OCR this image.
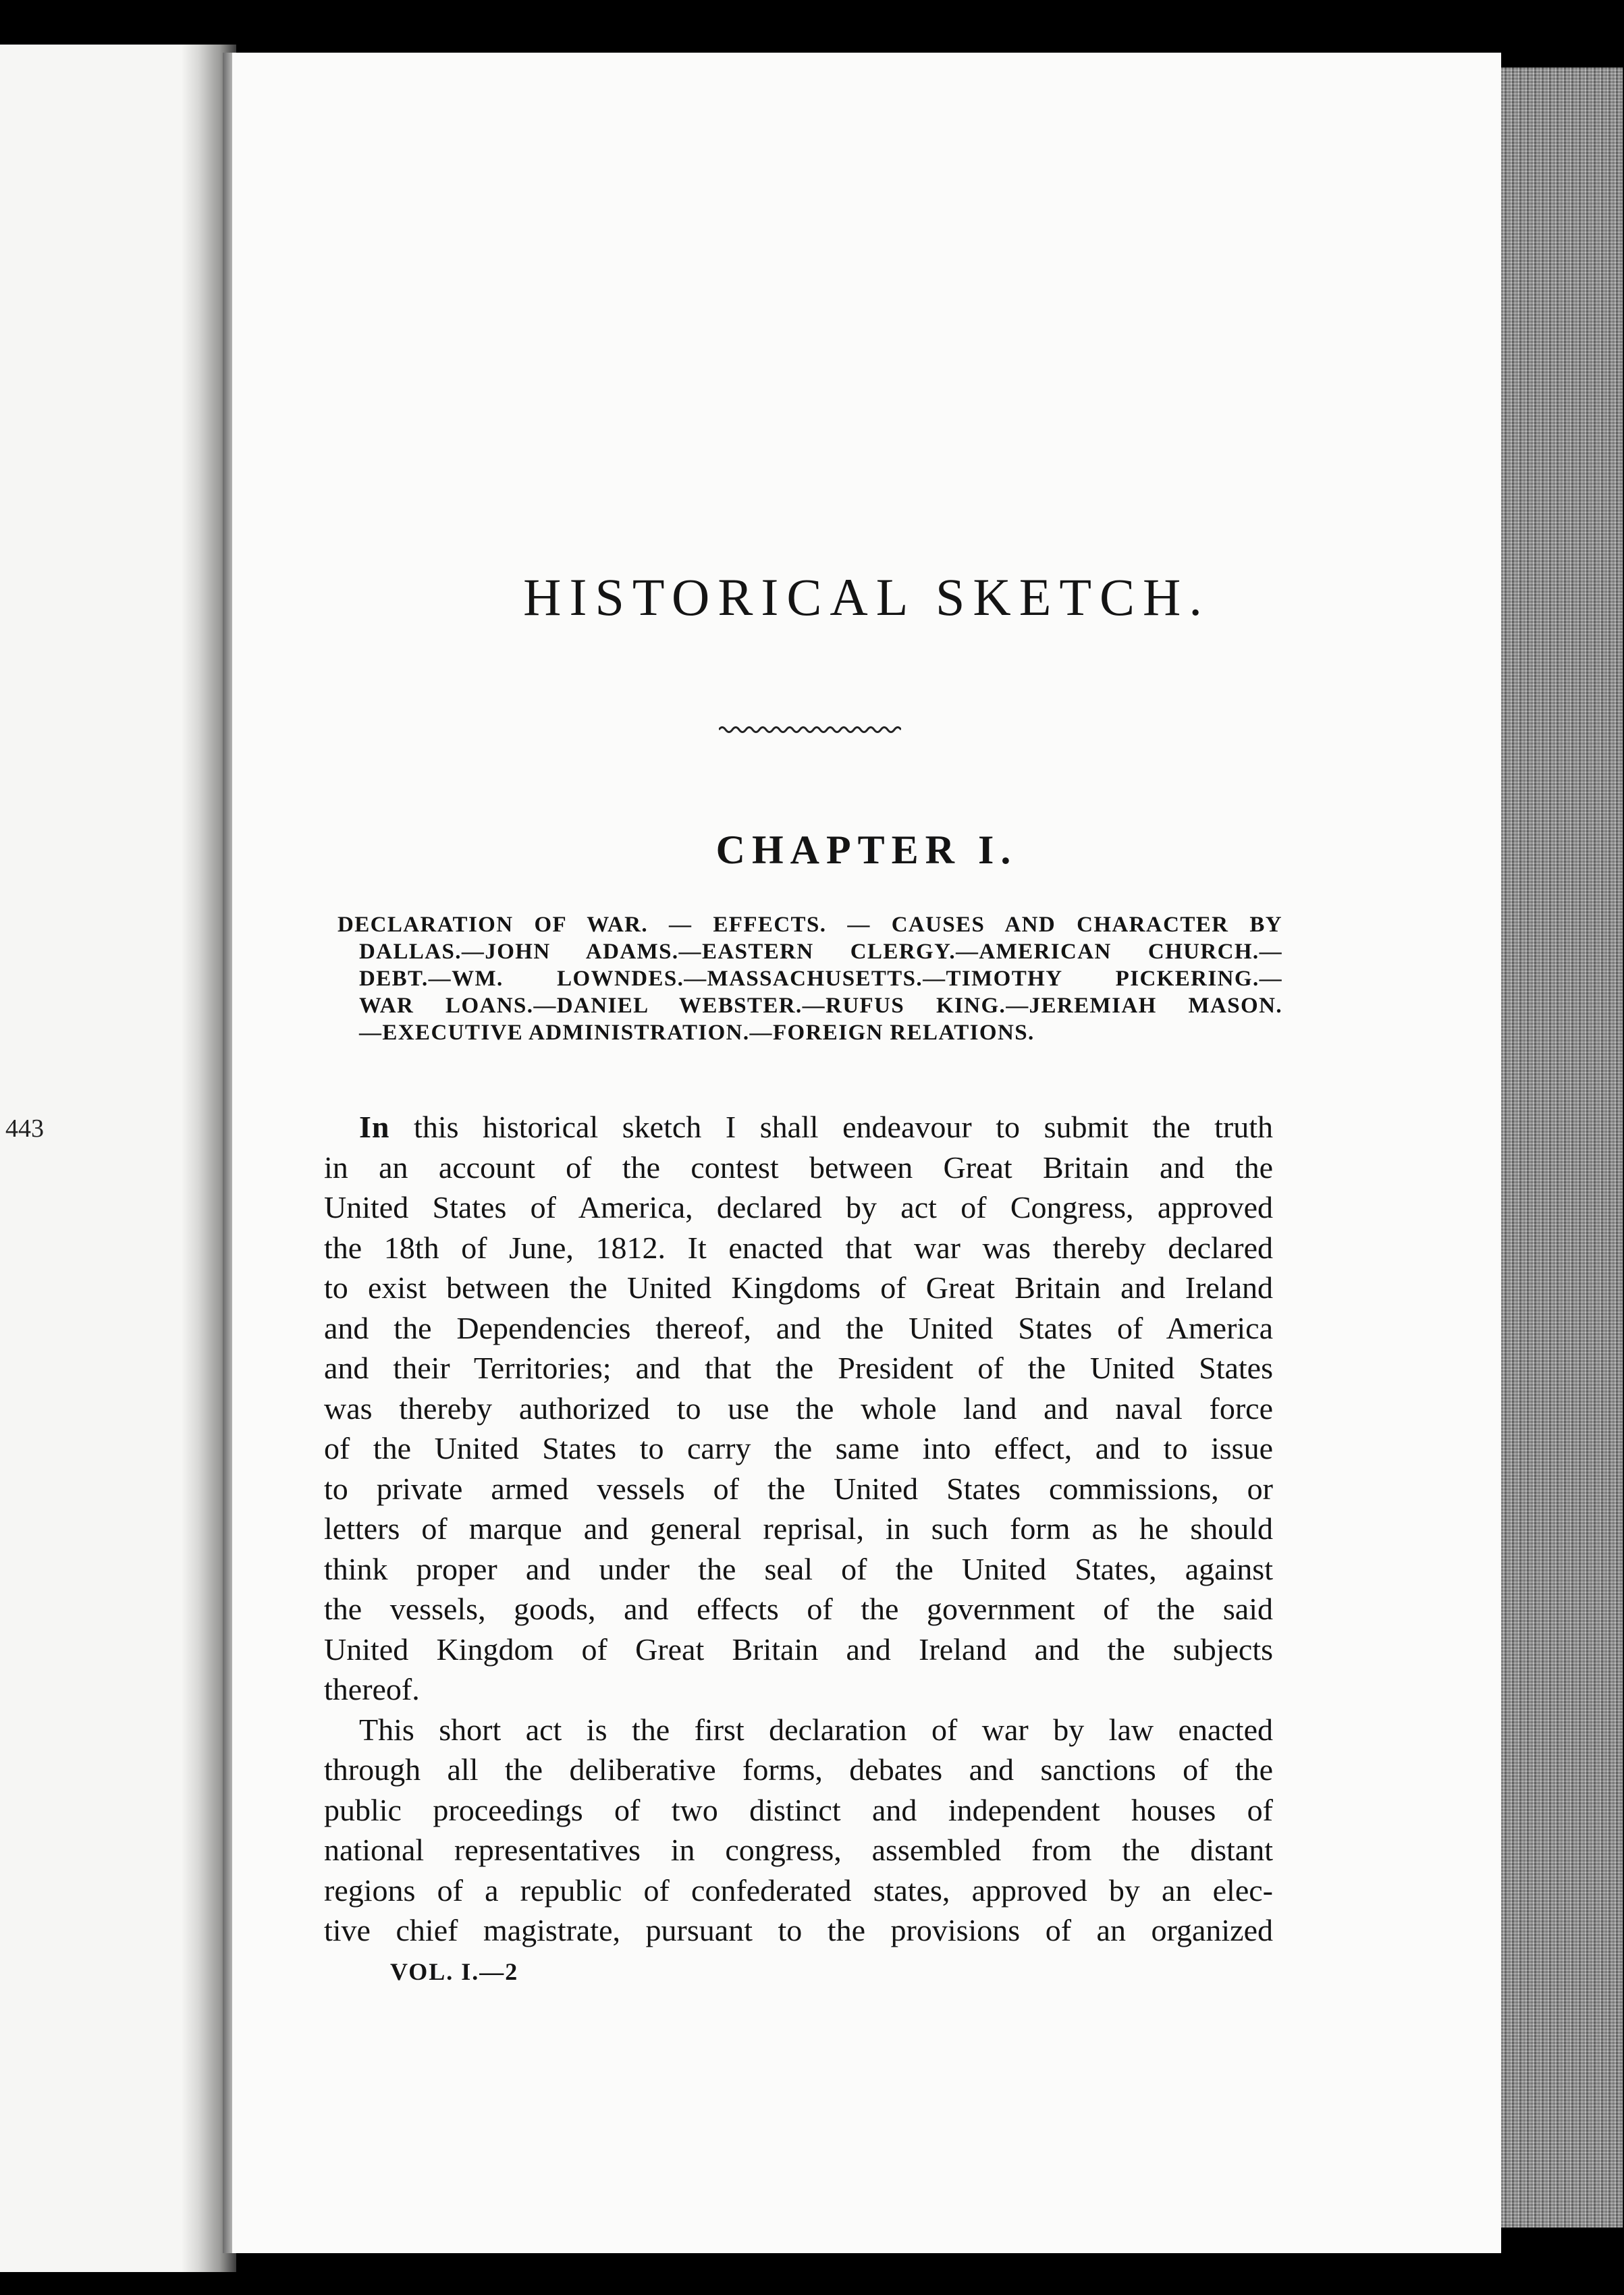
443
HISTORICAL SKETCH.
CHAPTER I.
DECLARATION OF WAR. — EFFECTS. — CAUSES AND CHARACTER BY
DALLAS.—JOHN ADAMS.—EASTERN CLERGY.—AMERICAN CHURCH.—
DEBT.—WM. LOWNDES.—MASSACHUSETTS.—TIMOTHY PICKERING.—
WAR LOANS.—DANIEL WEBSTER.—RUFUS KING.—JEREMIAH MASON.
—EXECUTIVE ADMINISTRATION.—FOREIGN RELATIONS.
In this historical sketch I shall endeavour to submit the truth
in an account of the contest between Great Britain and the
United States of America, declared by act of Congress, approved
the 18th of June, 1812. It enacted that war was thereby declared
to exist between the United Kingdoms of Great Britain and Ireland
and the Dependencies thereof, and the United States of America
and their Territories; and that the President of the United States
was thereby authorized to use the whole land and naval force
of the United States to carry the same into effect, and to issue
to private armed vessels of the United States commissions, or
letters of marque and general reprisal, in such form as he should
think proper and under the seal of the United States, against
the vessels, goods, and effects of the government of the said
United Kingdom of Great Britain and Ireland and the subjects
thereof.
This short act is the first declaration of war by law enacted
through all the deliberative forms, debates and sanctions of the
public proceedings of two distinct and independent houses of
national representatives in congress, assembled from the distant
regions of a republic of confederated states, approved by an elec-
tive chief magistrate, pursuant to the provisions of an organized
VOL. I.—2
